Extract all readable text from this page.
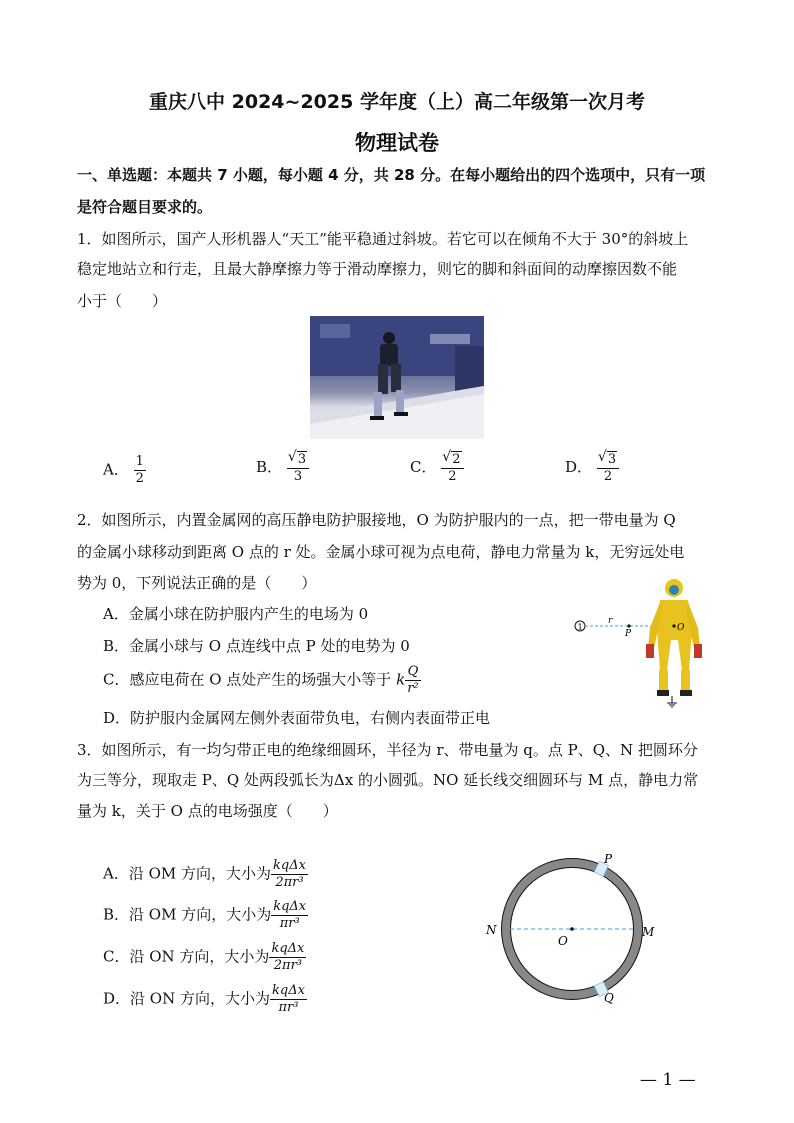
重庆八中 2024~2025 学年度（上）高二年级第一次月考
物理试卷
一、单选题：本题共 7 小题，每小题 4 分，共 28 分。在每小题给出的四个选项中，只有一项
是符合题目要求的。
1．如图所示，国产人形机器人“天工”能平稳通过斜坡。若它可以在倾角不大于 30°的斜坡上
稳定地站立和行走，且最大静摩擦力等于滑动摩擦力，则它的脚和斜面间的动摩擦因数不能
小于（　　）
A． $\frac{1}{2}$	B． √ $\frac{3}{3}$	C． √ $\frac{2}{2}$	D． √ $\frac{3}{2}$
2．如图所示，内置金属网的高压静电防护服接地，O 为防护服内的一点，把一带电量为 Q
的金属小球移动到距离 O 点的 r 处。金属小球可视为点电荷，静电力常量为 k，无穷远处电
势为 0，下列说法正确的是（　　）
A．金属小球在防护服内产生的电场为 0
B．金属小球与 O 点连线中点 P 处的电势为 0
C．感应电荷在 O 点处产生的场强大小等于 k $\frac{Q}{\text{r²}}$
D．防护服内金属网左侧外表面带负电，右侧内表面带正电
1
r
P
O
3．如图所示，有一均匀带正电的绝缘细圆环，半径为 r、带电量为 q。点 P、Q、N 把圆环分
为三等分，现取走 P、Q 处两段弧长为Δx 的小圆弧。NO 延长线交细圆环与 M 点，静电力常
量为 k，关于 O 点的电场强度（　　）
A．沿 OM 方向，大小为 $\frac{\text{kqΔx}}{\text{2πr³}}$
B．沿 OM 方向，大小为 $\frac{\text{kqΔx}}{\text{πr³}}$
C．沿 ON 方向，大小为 $\frac{\text{kqΔx}}{\text{2πr³}}$
D．沿 ON 方向，大小为 $\frac{\text{kqΔx}}{\text{πr³}}$
O
P
Q
N	M
— 1 —
